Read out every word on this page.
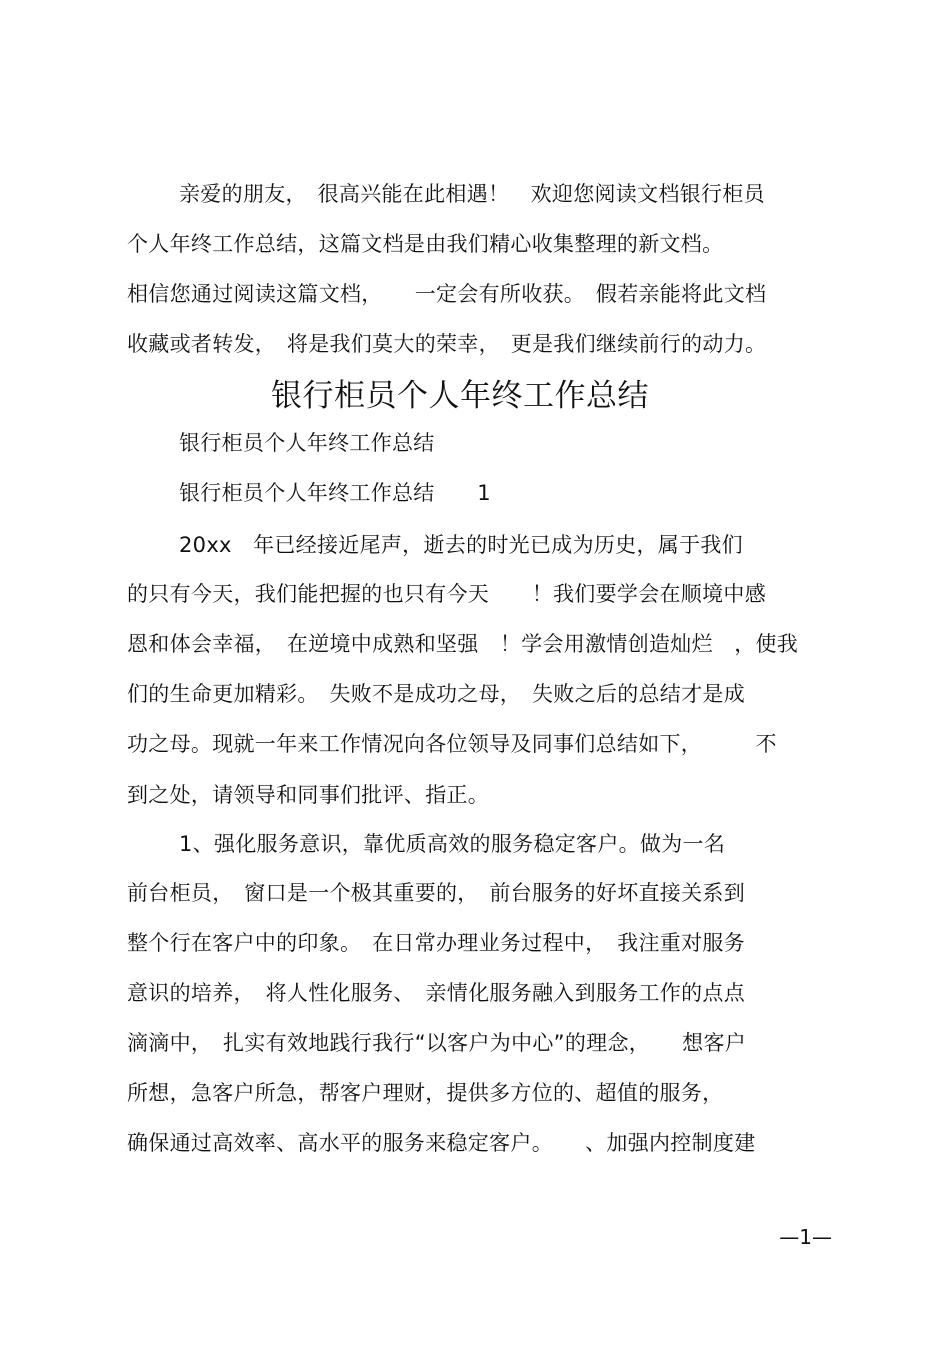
亲爱的朋友，　很高兴能在此相遇！　欢迎您阅读文档银行柜员
个人年终工作总结，这篇文档是由我们精心收集整理的新文档。
相信您通过阅读这篇文档，　　一定会有所收获。　假若亲能将此文档
收藏或者转发，　将是我们莫大的荣幸，　更是我们继续前行的动力。
银行柜员个人年终工作总结
银行柜员个人年终工作总结
银行柜员个人年终工作总结　　1
20xx　年已经接近尾声，逝去的时光已成为历史，属于我们
的只有今天，我们能把握的也只有今天　　！我们要学会在顺境中感
恩和体会幸福，　在逆境中成熟和坚强　！学会用激情创造灿烂　，使我
们的生命更加精彩。　失败不是成功之母，　失败之后的总结才是成
功之母。现就一年来工作情况向各位领导及同事们总结如下，　　　不
到之处，请领导和同事们批评、指正。
1、强化服务意识，靠优质高效的服务稳定客户。做为一名
前台柜员，　窗口是一个极其重要的，　前台服务的好坏直接关系到
整个行在客户中的印象。　在日常办理业务过程中，　我注重对服务
意识的培养，　将人性化服务、　亲情化服务融入到服务工作的点点
滴滴中，　扎实有效地践行我行“以客户为中心”的理念，　　想客户
所想，急客户所急，帮客户理财，提供多方位的、超值的服务，
确保通过高效率、高水平的服务来稳定客户。　　、加强内控制度建
—1—
